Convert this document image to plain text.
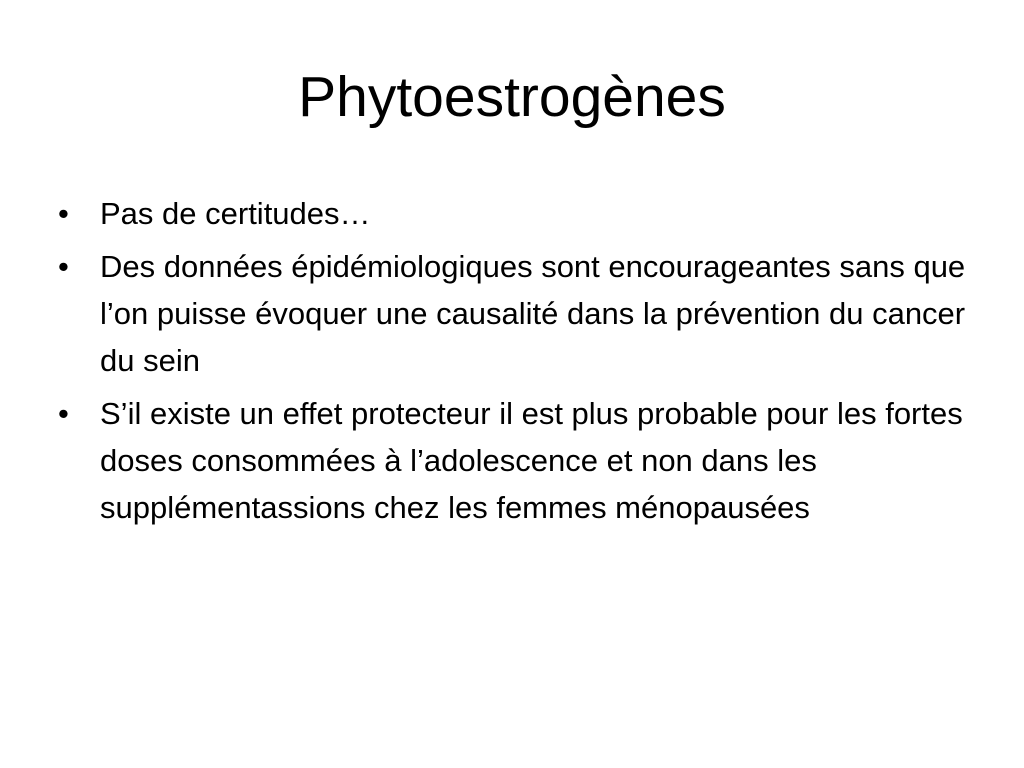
Phytoestrogènes
•	Pas de certitudes…
•	Des données épidémiologiques sont encourageantes sans que l’on puisse évoquer une causalité dans la prévention du cancer du sein
•	S’il existe un effet protecteur il est plus probable pour les fortes doses consommées à l’adolescence et non dans les supplémentassions chez les femmes ménopausées
